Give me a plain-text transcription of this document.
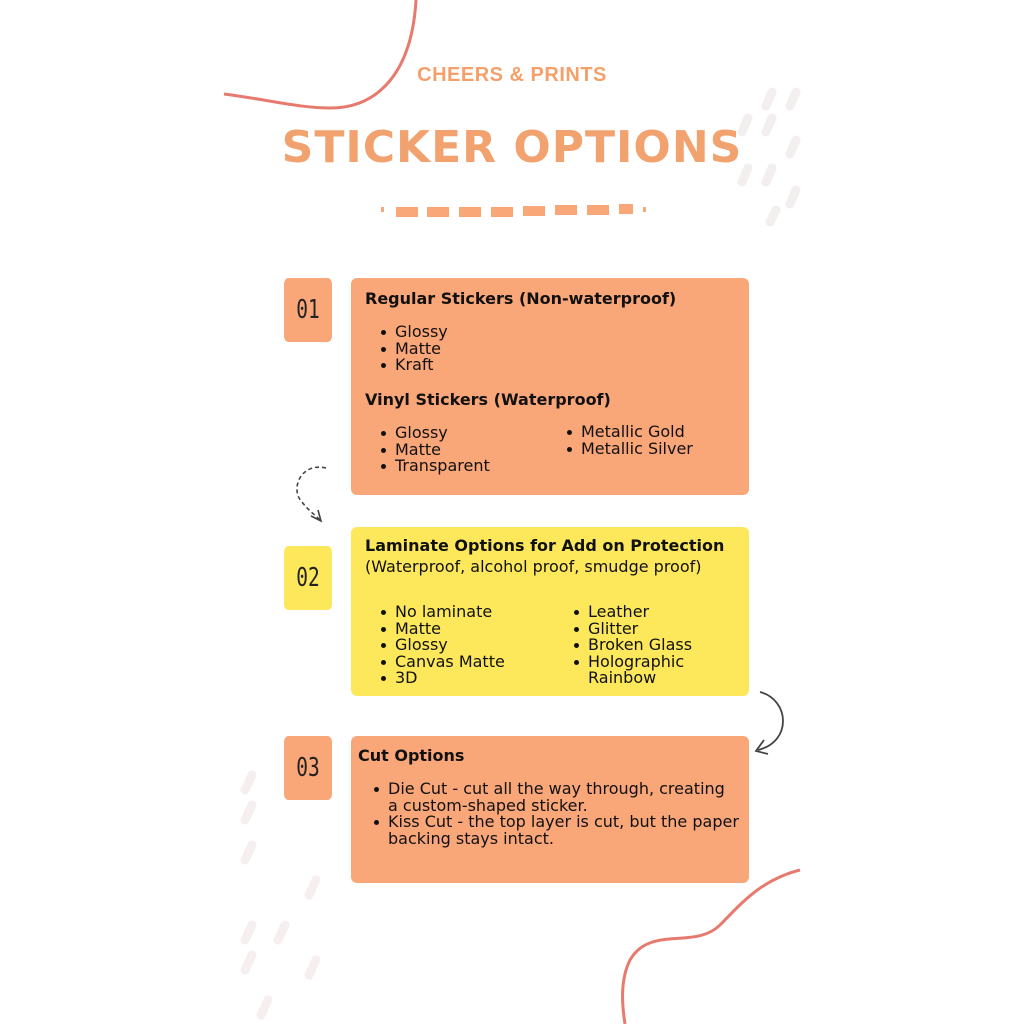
CHEERS & PRINTS
STICKER OPTIONS
01	Regular Stickers (Non-waterproof)
Glossy
Matte
Kraft
Vinyl Stickers (Waterproof)
Glossy
Matte
Transparent
Metallic Gold
Metallic Silver
02
Laminate Options for Add on Protection

(Waterproof, alcohol proof, smudge proof)

No laminate
Matte
Glossy
Canvas Matte
3D
Leather
Glitter
Broken Glass
Holographic
Rainbow
03	Cut Options
Die Cut - cut all the way through, creating
a custom-shaped sticker.
Kiss Cut - the top layer is cut, but the paper
backing stays intact.
